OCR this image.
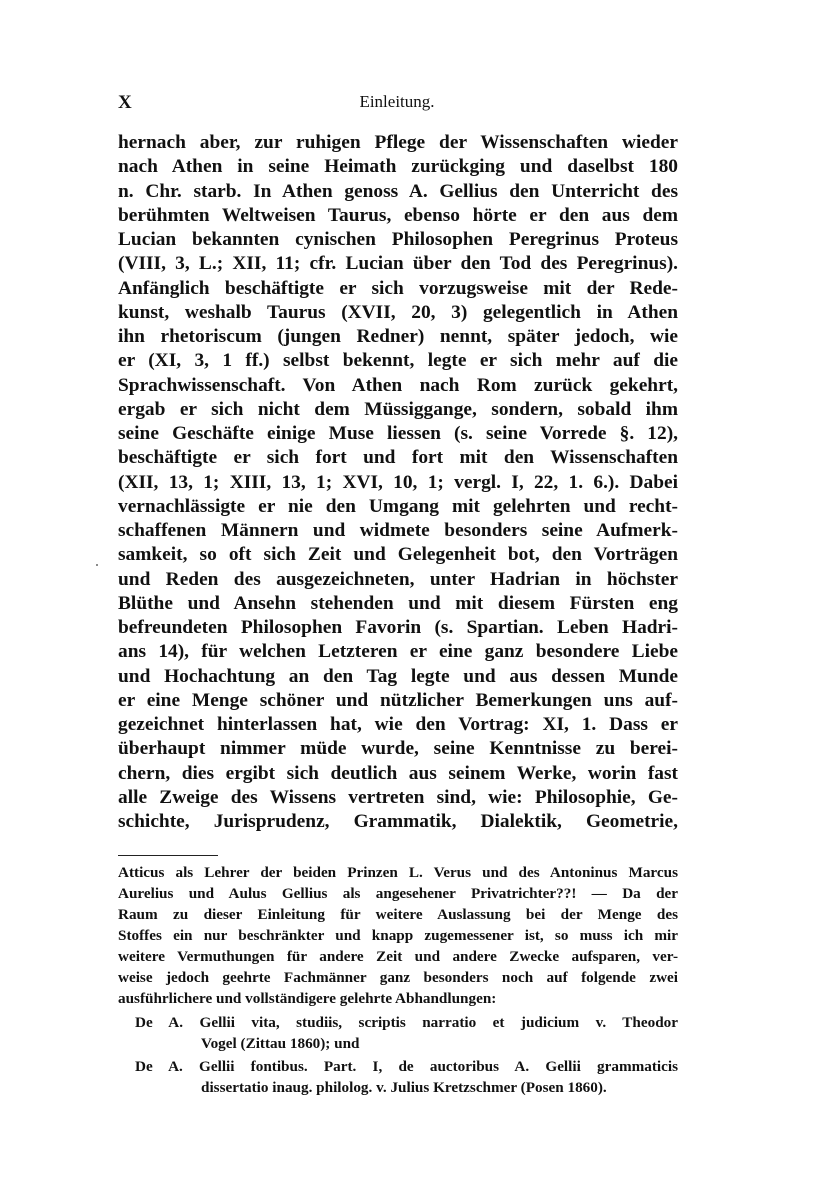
X	Einleitung.
hernach aber, zur ruhigen Pflege der Wissenschaften wieder
nach Athen in seine Heimath zurückging und daselbst 180
n. Chr. starb. In Athen genoss A. Gellius den Unterricht des
berühmten Weltweisen Taurus, ebenso hörte er den aus dem
Lucian bekannten cynischen Philosophen Peregrinus Proteus
(VIII, 3, L.; XII, 11; cfr. Lucian über den Tod des Peregrinus).
Anfänglich beschäftigte er sich vorzugsweise mit der Rede-
kunst, weshalb Taurus (XVII, 20, 3) gelegentlich in Athen
ihn rhetoriscum (jungen Redner) nennt, später jedoch, wie
er (XI, 3, 1 ff.) selbst bekennt, legte er sich mehr auf die
Sprachwissenschaft. Von Athen nach Rom zurück gekehrt,
ergab er sich nicht dem Müssiggange, sondern, sobald ihm
seine Geschäfte einige Muse liessen (s. seine Vorrede §. 12),
beschäftigte er sich fort und fort mit den Wissenschaften
(XII, 13, 1; XIII, 13, 1; XVI, 10, 1; vergl. I, 22, 1. 6.). Dabei
vernachlässigte er nie den Umgang mit gelehrten und recht-
schaffenen Männern und widmete besonders seine Aufmerk-
samkeit, so oft sich Zeit und Gelegenheit bot, den Vorträgen
und Reden des ausgezeichneten, unter Hadrian in höchster
Blüthe und Ansehn stehenden und mit diesem Fürsten eng
befreundeten Philosophen Favorin (s. Spartian. Leben Hadri-
ans 14), für welchen Letzteren er eine ganz besondere Liebe
und Hochachtung an den Tag legte und aus dessen Munde
er eine Menge schöner und nützlicher Bemerkungen uns auf-
gezeichnet hinterlassen hat, wie den Vortrag: XI, 1. Dass er
überhaupt nimmer müde wurde, seine Kenntnisse zu berei-
chern, dies ergibt sich deutlich aus seinem Werke, worin fast
alle Zweige des Wissens vertreten sind, wie: Philosophie, Ge-
schichte, Jurisprudenz, Grammatik, Dialektik, Geometrie,
Atticus als Lehrer der beiden Prinzen L. Verus und des Antoninus Marcus
Aurelius und Aulus Gellius als angesehener Privatrichter??! — Da der
Raum zu dieser Einleitung für weitere Auslassung bei der Menge des
Stoffes ein nur beschränkter und knapp zugemessener ist, so muss ich mir
weitere Vermuthungen für andere Zeit und andere Zwecke aufsparen, ver-
weise jedoch geehrte Fachmänner ganz besonders noch auf folgende zwei
ausführlichere und vollständigere gelehrte Abhandlungen:
De A. Gellii vita, studiis, scriptis narratio et judicium v. Theodor
Vogel (Zittau 1860); und
De A. Gellii fontibus. Part. I, de auctoribus A. Gellii grammaticis
dissertatio inaug. philolog. v. Julius Kretzschmer (Posen 1860).
